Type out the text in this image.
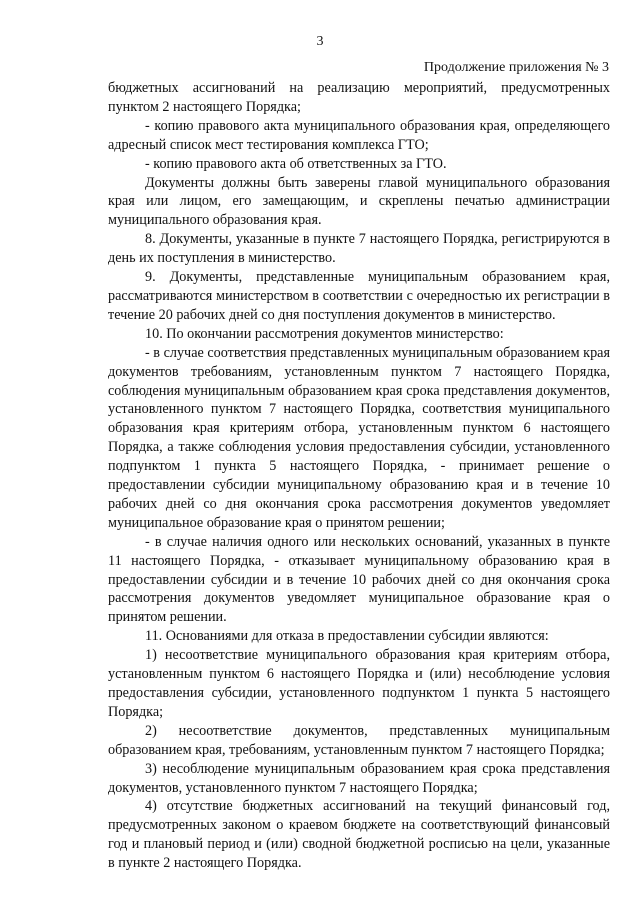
3
Продолжение приложения № 3

бюджетных ассигнований на реализацию мероприятий, предусмотренных пунктом 2 настоящего Порядка;

- копию правового акта муниципального образования края, определяющего адресный список мест тестирования комплекса ГТО;

- копию правового акта об ответственных за ГТО.

Документы должны быть заверены главой муниципального образования края или лицом, его замещающим, и скреплены печатью администрации муниципального образования края.

8. Документы, указанные в пункте 7 настоящего Порядка, регистрируются в день их поступления в министерство.

9. Документы, представленные муниципальным образованием края, рассматриваются министерством в соответствии с очередностью их регистрации в течение 20 рабочих дней со дня поступления документов в министерство.

10. По окончании рассмотрения документов министерство:

- в случае соответствия представленных муниципальным образованием края документов требованиям, установленным пунктом 7 настоящего Порядка, соблюдения муниципальным образованием края срока представления документов, установленного пунктом 7 настоящего Порядка, соответствия муниципального образования края критериям отбора, установленным пунктом 6 настоящего Порядка, а также соблюдения условия предоставления субсидии, установленного подпунктом 1 пункта 5 настоящего Порядка, - принимает решение о предоставлении субсидии муниципальному образованию края и в течение 10 рабочих дней со дня окончания срока рассмотрения документов уведомляет муниципальное образование края о принятом решении;

- в случае наличия одного или нескольких оснований, указанных в пункте 11 настоящего Порядка, - отказывает муниципальному образованию края в предоставлении субсидии и в течение 10 рабочих дней со дня окончания срока рассмотрения документов уведомляет муниципальное образование края о принятом решении.

11. Основаниями для отказа в предоставлении субсидии являются:

1) несоответствие муниципального образования края критериям отбора, установленным пунктом 6 настоящего Порядка и (или) несоблюдение условия предоставления субсидии, установленного подпунктом 1 пункта 5 настоящего Порядка;

2) несоответствие документов, представленных муниципальным образованием края, требованиям, установленным пунктом 7 настоящего Порядка;

3) несоблюдение муниципальным образованием края срока представления документов, установленного пунктом 7 настоящего Порядка;

4) отсутствие бюджетных ассигнований на текущий финансовый год, предусмотренных законом о краевом бюджете на соответствующий финансовый год и плановый период и (или) сводной бюджетной росписью на цели, указанные в пункте 2 настоящего Порядка.
